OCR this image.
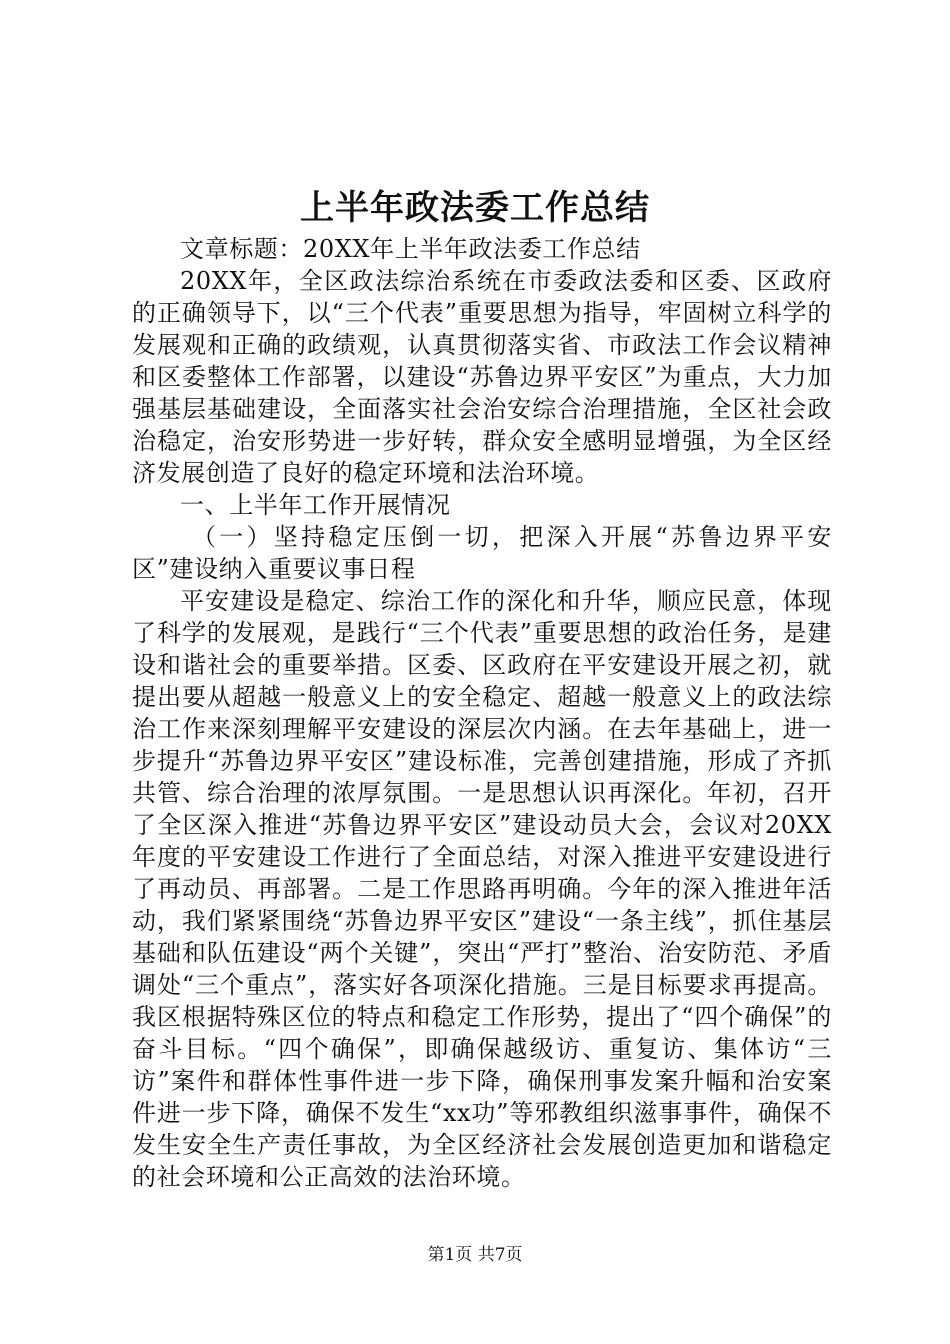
上半年政法委工作总结

文章标题：20XX年上半年政法委工作总结

20XX年，全区政法综治系统在市委政法委和区委、区政府的正确领导下，以“三个代表”重要思想为指导，牢固树立科学的发展观和正确的政绩观，认真贯彻落实省、市政法工作会议精神和区委整体工作部署，以建设“苏鲁边界平安区”为重点，大力加强基层基础建设，全面落实社会治安综合治理措施，全区社会政治稳定，治安形势进一步好转，群众安全感明显增强，为全区经济发展创造了良好的稳定环境和法治环境。

一、上半年工作开展情况

（一）坚持稳定压倒一切，把深入开展“苏鲁边界平安区”建设纳入重要议事日程

平安建设是稳定、综治工作的深化和升华，顺应民意，体现了科学的发展观，是践行“三个代表”重要思想的政治任务，是建设和谐社会的重要举措。区委、区政府在平安建设开展之初，就提出要从超越一般意义上的安全稳定、超越一般意义上的政法综治工作来深刻理解平安建设的深层次内涵。在去年基础上，进一步提升“苏鲁边界平安区”建设标准，完善创建措施，形成了齐抓共管、综合治理的浓厚氛围。一是思想认识再深化。年初，召开了全区深入推进“苏鲁边界平安区”建设动员大会，会议对20XX年度的平安建设工作进行了全面总结，对深入推进平安建设进行了再动员、再部署。二是工作思路再明确。今年的深入推进年活动，我们紧紧围绕“苏鲁边界平安区”建设“一条主线”，抓住基层基础和队伍建设“两个关键”，突出“严打”整治、治安防范、矛盾调处“三个重点”，落实好各项深化措施。三是目标要求再提高。我区根据特殊区位的特点和稳定工作形势，提出了“四个确保”的奋斗目标。“四个确保”，即确保越级访、重复访、集体访“三访”案件和群体性事件进一步下降，确保刑事发案升幅和治安案件进一步下降，确保不发生“xx功”等邪教组织滋事事件，确保不发生安全生产责任事故，为全区经济社会发展创造更加和谐稳定的社会环境和公正高效的法治环境。

第1页 共7页
